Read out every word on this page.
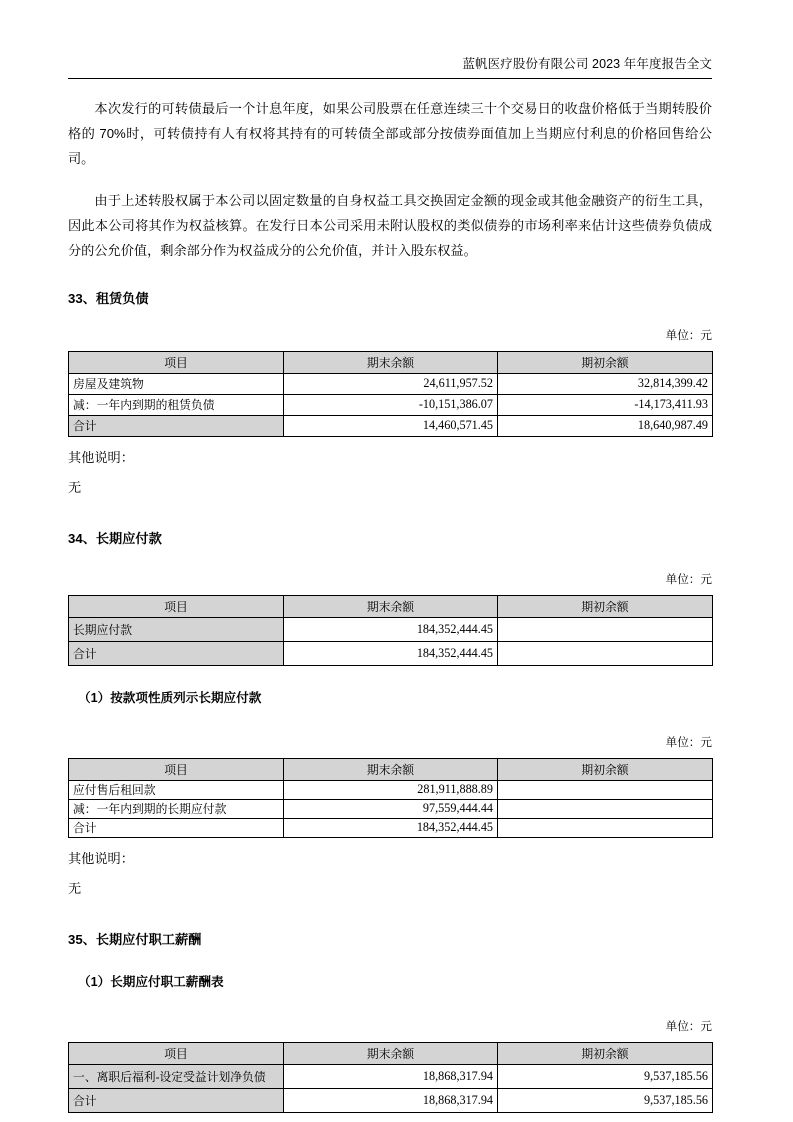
蓝帆医疗股份有限公司 2023 年年度报告全文

本次发行的可转债最后一个计息年度，如果公司股票在任意连续三十个交易日的收盘价格低于当期转股价格的 70%时，可转债持有人有权将其持有的可转债全部或部分按债券面值加上当期应付利息的价格回售给公司。

由于上述转股权属于本公司以固定数量的自身权益工具交换固定金额的现金或其他金融资产的衍生工具，因此本公司将其作为权益核算。在发行日本公司采用未附认股权的类似债券的市场利率来估计这些债券负债成分的公允价值，剩余部分作为权益成分的公允价值，并计入股东权益。

33、租赁负债

单位：元

项目	期末余额	期初余额
房屋及建筑物	24,611,957.52	32,814,399.42
减：一年内到期的租赁负债	-10,151,386.07	-14,173,411.93
合计	14,460,571.45	18,640,987.49

其他说明：

无

34、长期应付款

单位：元

项目	期末余额	期初余额
长期应付款	184,352,444.45	
合计	184,352,444.45	
（1）按款项性质列示长期应付款

单位：元

项目	期末余额	期初余额
应付售后租回款	281,911,888.89	
减：一年内到期的长期应付款	97,559,444.44	
合计	184,352,444.45	

其他说明：

无

35、长期应付职工薪酬
（1）长期应付职工薪酬表

单位：元

项目	期末余额	期初余额
一、离职后福利-设定受益计划净负债	18,868,317.94	9,537,185.56
合计	18,868,317.94	9,537,185.56
